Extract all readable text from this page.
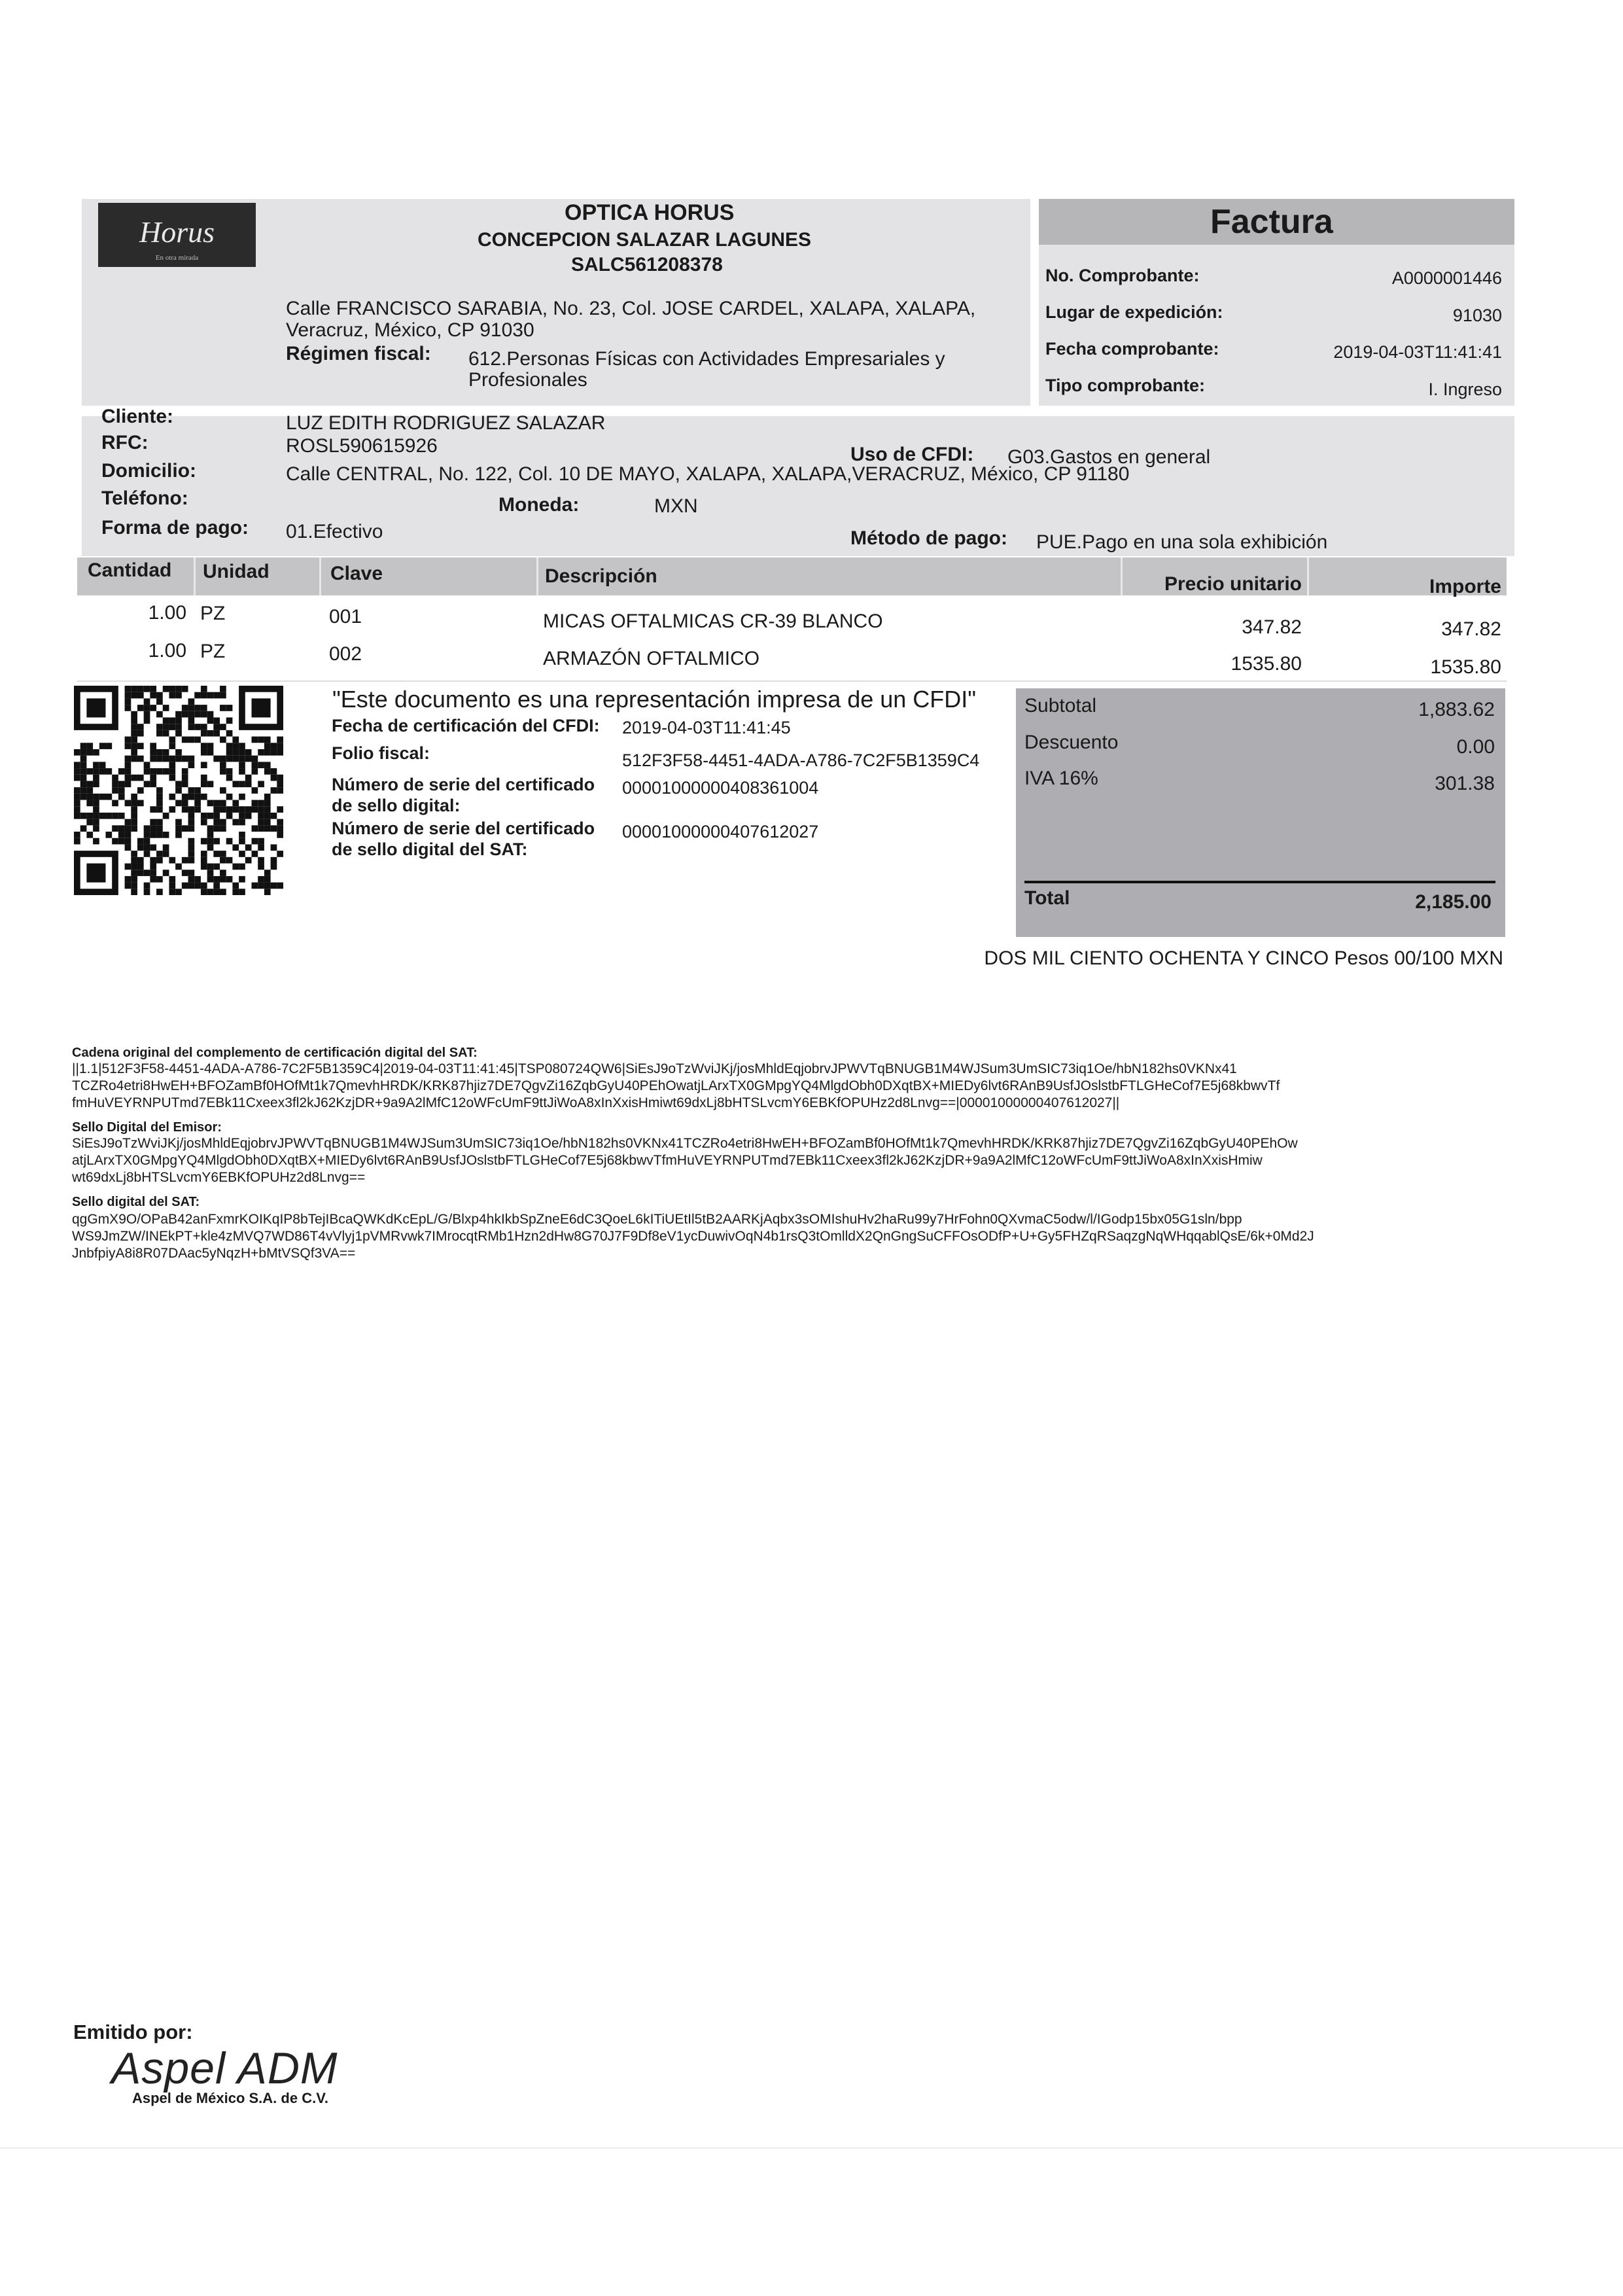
Horus
En otra mirada
OPTICA HORUS
CONCEPCION SALAZAR LAGUNES
SALC561208378
Calle FRANCISCO SARABIA, No. 23, Col. JOSE CARDEL, XALAPA, XALAPA,
Veracruz, México, CP 91030
Régimen fiscal: 612.Personas Físicas con Actividades Empresariales y
Profesionales
Factura
No. Comprobante:	A0000001446
Lugar de expedición:	91030
Fecha comprobante:	2019-04-03T11:41:41
Tipo comprobante:	I. Ingreso
Cliente:	LUZ EDITH RODRIGUEZ SALAZAR
RFC:	ROSL590615926	Uso de CFDI: G03.Gastos en general
Domicilio:	Calle CENTRAL, No. 122, Col. 10 DE MAYO, XALAPA, XALAPA,VERACRUZ, México, CP 91180
Teléfono:	Moneda:	MXN
Forma de pago: 01.Efectivo	Método de pago: PUE.Pago en una sola exhibición
Cantidad Unidad	Clave	Descripción	Precio unitario	Importe
1.00 PZ	001	MICAS OFTALMICAS CR-39 BLANCO	347.82	347.82
1.00 PZ	002	ARMAZÓN OFTALMICO	1535.80	1535.80
"Este documento es una representación impresa de un CFDI"
Fecha de certificación del CFDI: 2019-04-03T11:41:45
Folio fiscal:	512F3F58-4451-4ADA-A786-7C2F5B1359C4
Número de serie del certificado
de sello digital:
00001000000408361004
Número de serie del certificado
de sello digital del SAT:
00001000000407612027
Subtotal	1,883.62
Descuento	0.00
IVA 16%	301.38
Total	2,185.00
DOS MIL CIENTO OCHENTA Y CINCO Pesos 00/100 MXN
Cadena original del complemento de certificación digital del SAT:
||1.1|512F3F58-4451-4ADA-A786-7C2F5B1359C4|2019-04-03T11:41:45|TSP080724QW6|SiEsJ9oTzWviJKj/josMhldEqjobrvJPWVTqBNUGB1M4WJSum3UmSIC73iq1Oe/hbN182hs0VKNx41
TCZRo4etri8HwEH+BFOZamBf0HOfMt1k7QmevhHRDK/KRK87hjiz7DE7QgvZi16ZqbGyU40PEhOwatjLArxTX0GMpgYQ4MlgdObh0DXqtBX+MIEDy6lvt6RAnB9UsfJOslstbFTLGHeCof7E5j68kbwvTf
fmHuVEYRNPUTmd7EBk11Cxeex3fl2kJ62KzjDR+9a9A2lMfC12oWFcUmF9ttJiWoA8xInXxisHmiwt69dxLj8bHTSLvcmY6EBKfOPUHz2d8Lnvg==|00001000000407612027||
Sello Digital del Emisor:
SiEsJ9oTzWviJKj/josMhldEqjobrvJPWVTqBNUGB1M4WJSum3UmSIC73iq1Oe/hbN182hs0VKNx41TCZRo4etri8HwEH+BFOZamBf0HOfMt1k7QmevhHRDK/KRK87hjiz7DE7QgvZi16ZqbGyU40PEhOw
atjLArxTX0GMpgYQ4MlgdObh0DXqtBX+MIEDy6lvt6RAnB9UsfJOslstbFTLGHeCof7E5j68kbwvTfmHuVEYRNPUTmd7EBk11Cxeex3fl2kJ62KzjDR+9a9A2lMfC12oWFcUmF9ttJiWoA8xInXxisHmiw
wt69dxLj8bHTSLvcmY6EBKfOPUHz2d8Lnvg==
Sello digital del SAT:
qgGmX9O/OPaB42anFxmrKOIKqIP8bTejIBcaQWKdKcEpL/G/Blxp4hkIkbSpZneE6dC3QoeL6kITiUEtIl5tB2AARKjAqbx3sOMIshuHv2haRu99y7HrFohn0QXvmaC5odw/l/IGodp15bx05G1sln/bpp
WS9JmZW/INEkPT+kle4zMVQ7WD86T4vVlyj1pVMRvwk7IMrocqtRMb1Hzn2dHw8G70J7F9Df8eV1ycDuwivOqN4b1rsQ3tOmlldX2QnGngSuCFFOsODfP+U+Gy5FHZqRSaqzgNqWHqqablQsE/6k+0Md2J
JnbfpiyA8i8R07DAac5yNqzH+bMtVSQf3VA==
Emitido por:
Aspel ADM
Aspel de México S.A. de C.V.
